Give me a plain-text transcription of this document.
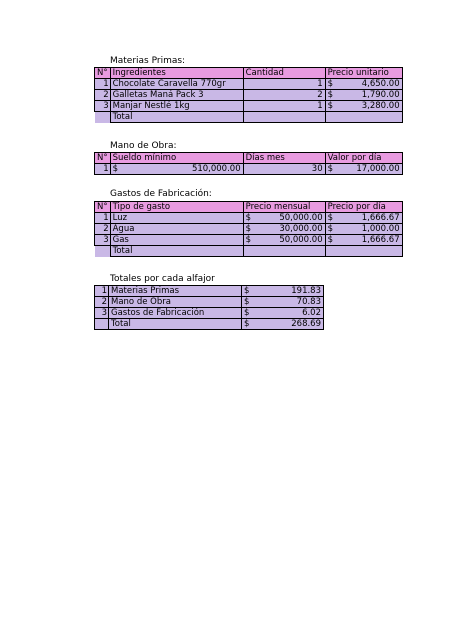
Materias Primas:
N°	Ingredientes	Cantidad	Precio unitario
1	Chocolate Caravella 770gr	1	$ 4,650.00

2	Galletas Maná Pack 3	2	$ 1,790.00

3	Manjar Nestlé 1kg	1	$ 3,280.00

	Total		
Mano de Obra:
N°	Sueldo mínimo	Días mes	Valor por día
1	$ 510,000.00	30	$ 17,000.00
Gastos de Fabricación:
N°	Tipo de gasto	Precio mensual	Precio por día
1	Luz	$ 50,000.00	$ 1,666.67

2	Agua	$ 30,000.00	$ 1,000.00

3	Gas	$ 50,000.00	$ 1,666.67

	Total		
Totales por cada alfajor
1	Materias Primas	$ 191.83

2	Mano de Obra	$ 70.83

3	Gastos de Fabricación	$ 6.02

	Total	$ 268.69
